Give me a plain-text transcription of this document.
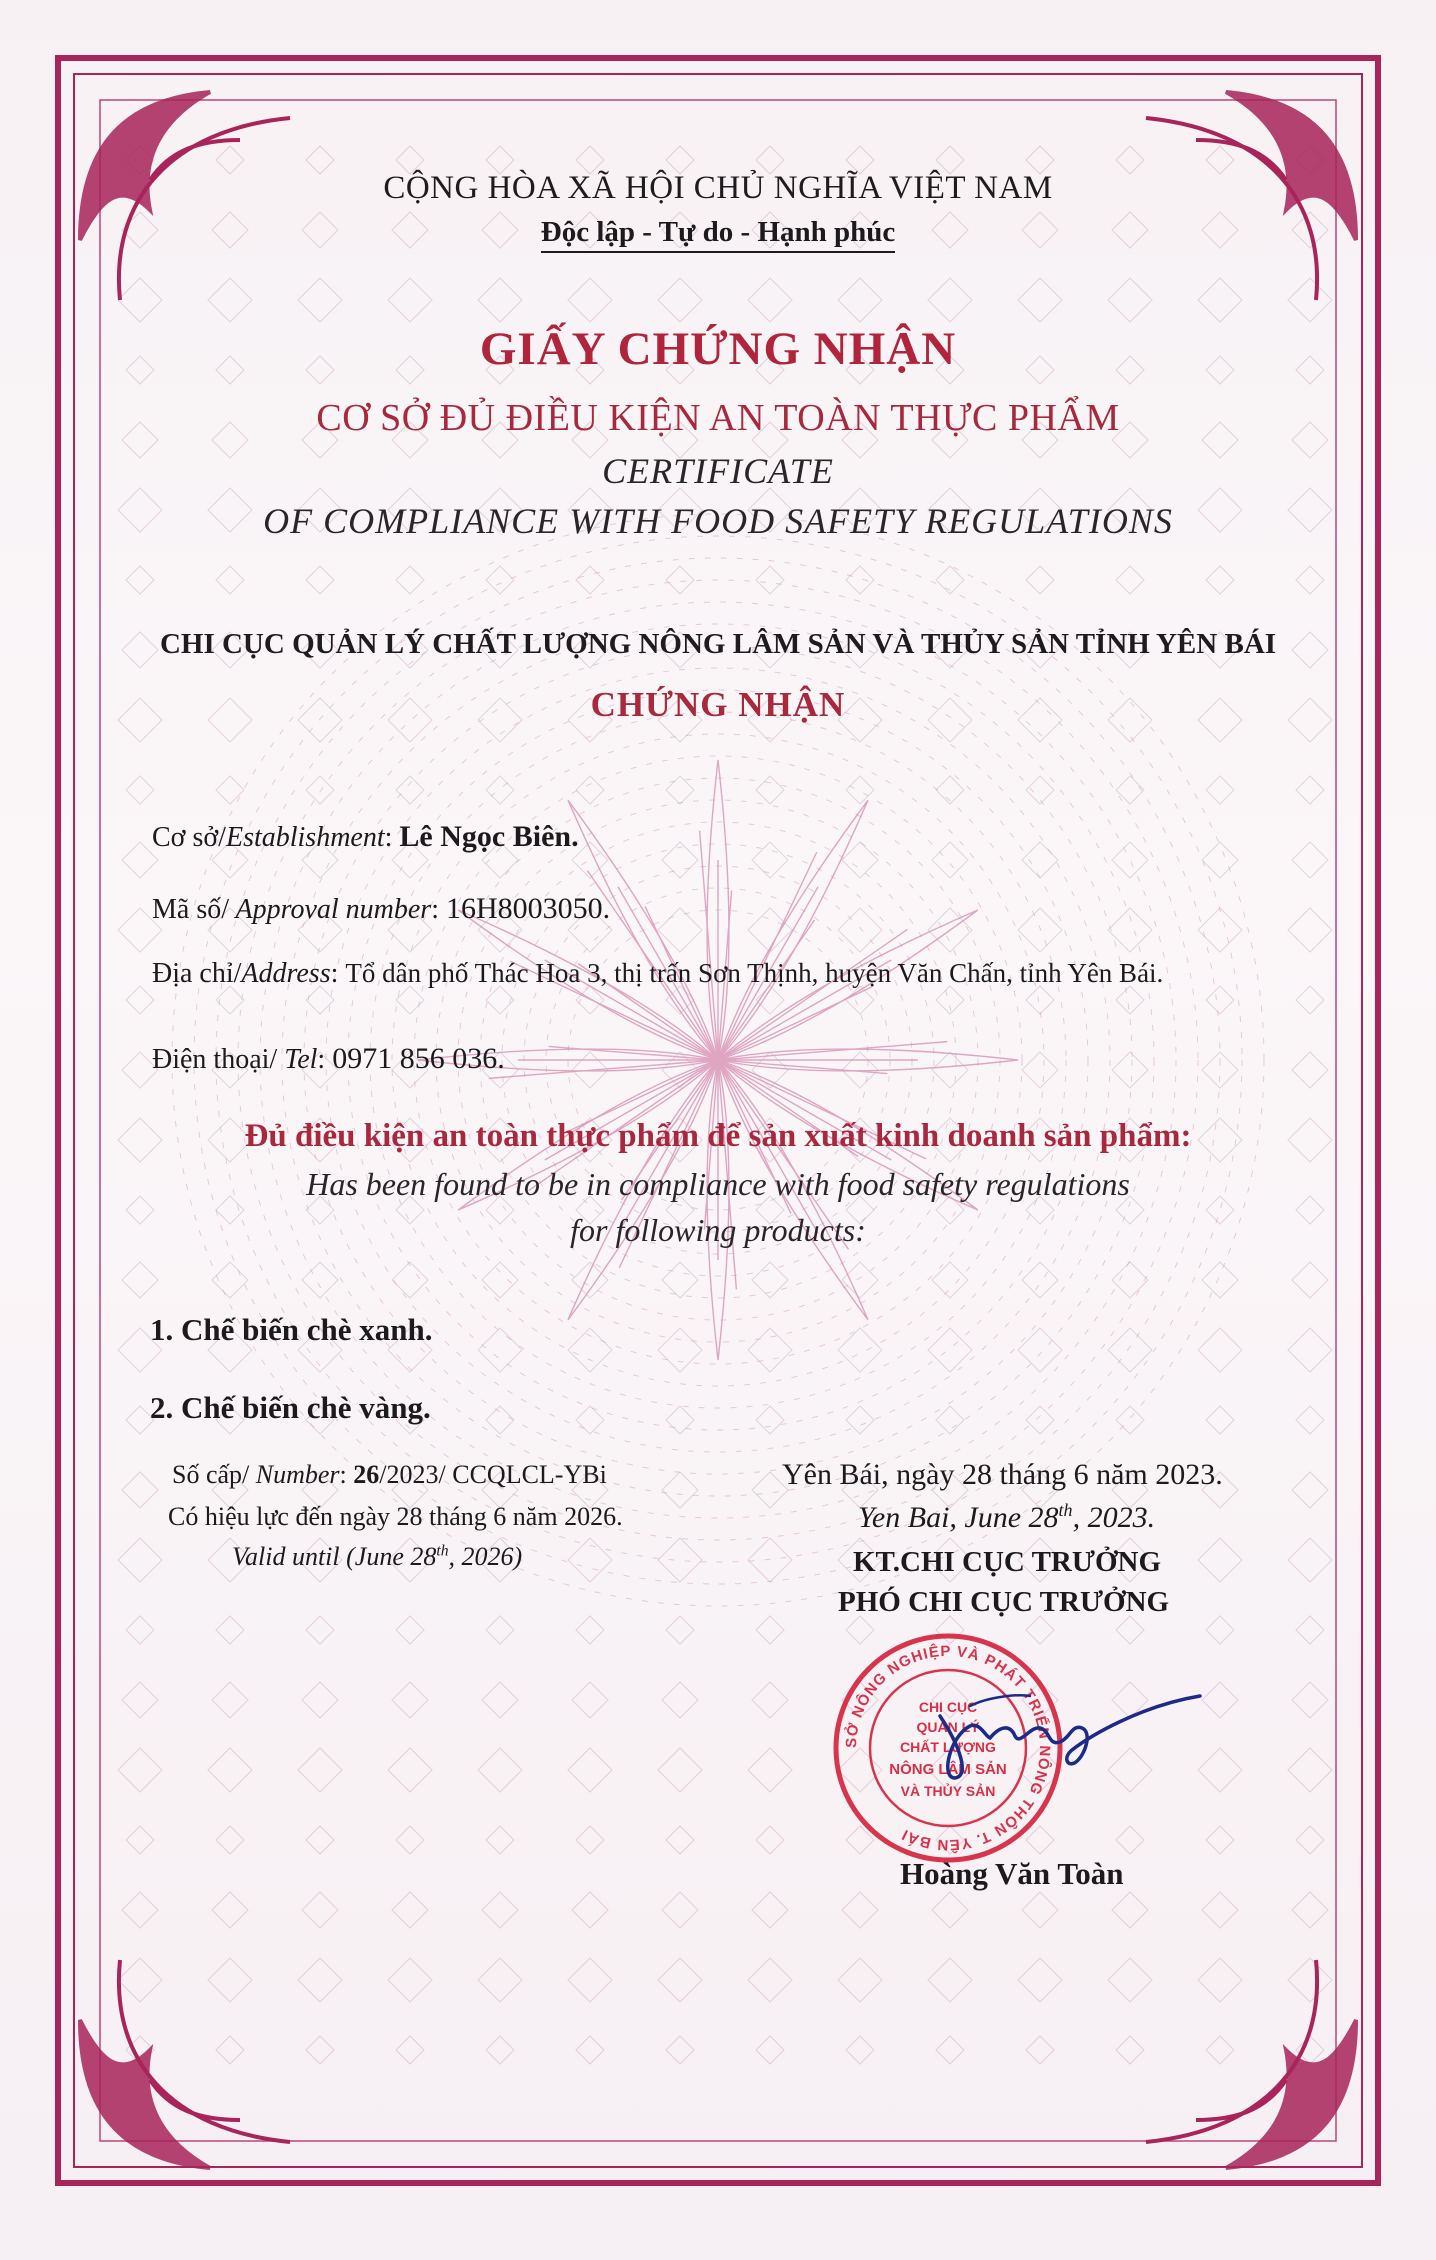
CỘNG HÒA XÃ HỘI CHỦ NGHĨA VIỆT NAM
Độc lập - Tự do - Hạnh phúc
GIẤY CHỨNG NHẬN
CƠ SỞ ĐỦ ĐIỀU KIỆN AN TOÀN THỰC PHẨM
CERTIFICATE
OF COMPLIANCE WITH FOOD SAFETY REGULATIONS
CHI CỤC QUẢN LÝ CHẤT LƯỢNG NÔNG LÂM SẢN VÀ THỦY SẢN TỈNH YÊN BÁI
CHỨNG NHẬN
Cơ sở/Establishment: Lê Ngọc Biên.
Mã số/ Approval number: 16H8003050.
Địa chỉ/Address: Tổ dân phố Thác Hoa 3, thị trấn Sơn Thịnh, huyện Văn Chấn, tỉnh Yên Bái.
Điện thoại/ Tel: 0971 856 036.
Đủ điều kiện an toàn thực phẩm để sản xuất kinh doanh sản phẩm:
Has been found to be in compliance with food safety regulations
for following products:
1. Chế biến chè xanh.
2. Chế biến chè vàng.
Số cấp/ Number: 26/2023/ CCQLCL-YBi
Có hiệu lực đến ngày 28 tháng 6 năm 2026.
Valid until (June 28th, 2026)
Yên Bái, ngày 28 tháng 6 năm 2023.
Yen Bai, June 28th, 2023.
KT.CHI CỤC TRƯỞNG
PHÓ CHI CỤC TRƯỞNG
SỞ NÔNG NGHIỆP VÀ PHÁT TRIỂN NÔNG THÔN T. YÊN BÁI
CHI CỤC
QUẢN LÝ
CHẤT LƯỢNG
NÔNG LÂM SẢN
VÀ THỦY SẢN
Hoàng Văn Toàn
